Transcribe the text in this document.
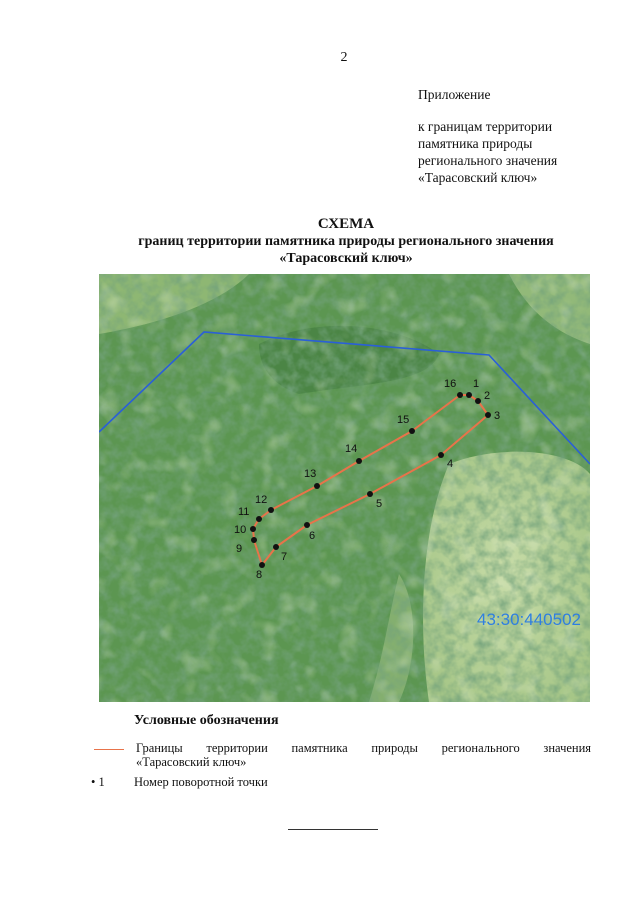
2
Приложение
к границам территории
памятника природы
регионального значения
«Тарасовский ключ»
СХЕМА
границ территории памятника природы регионального значения
«Тарасовский ключ»
1
2
3
4
5
6
7
8
9
10
11
12
13
14
15
16
43:30:440502
Условные обозначения
Границы территории памятника природы регионального значения
«Тарасовский ключ»
• 1 Номер поворотной точки
